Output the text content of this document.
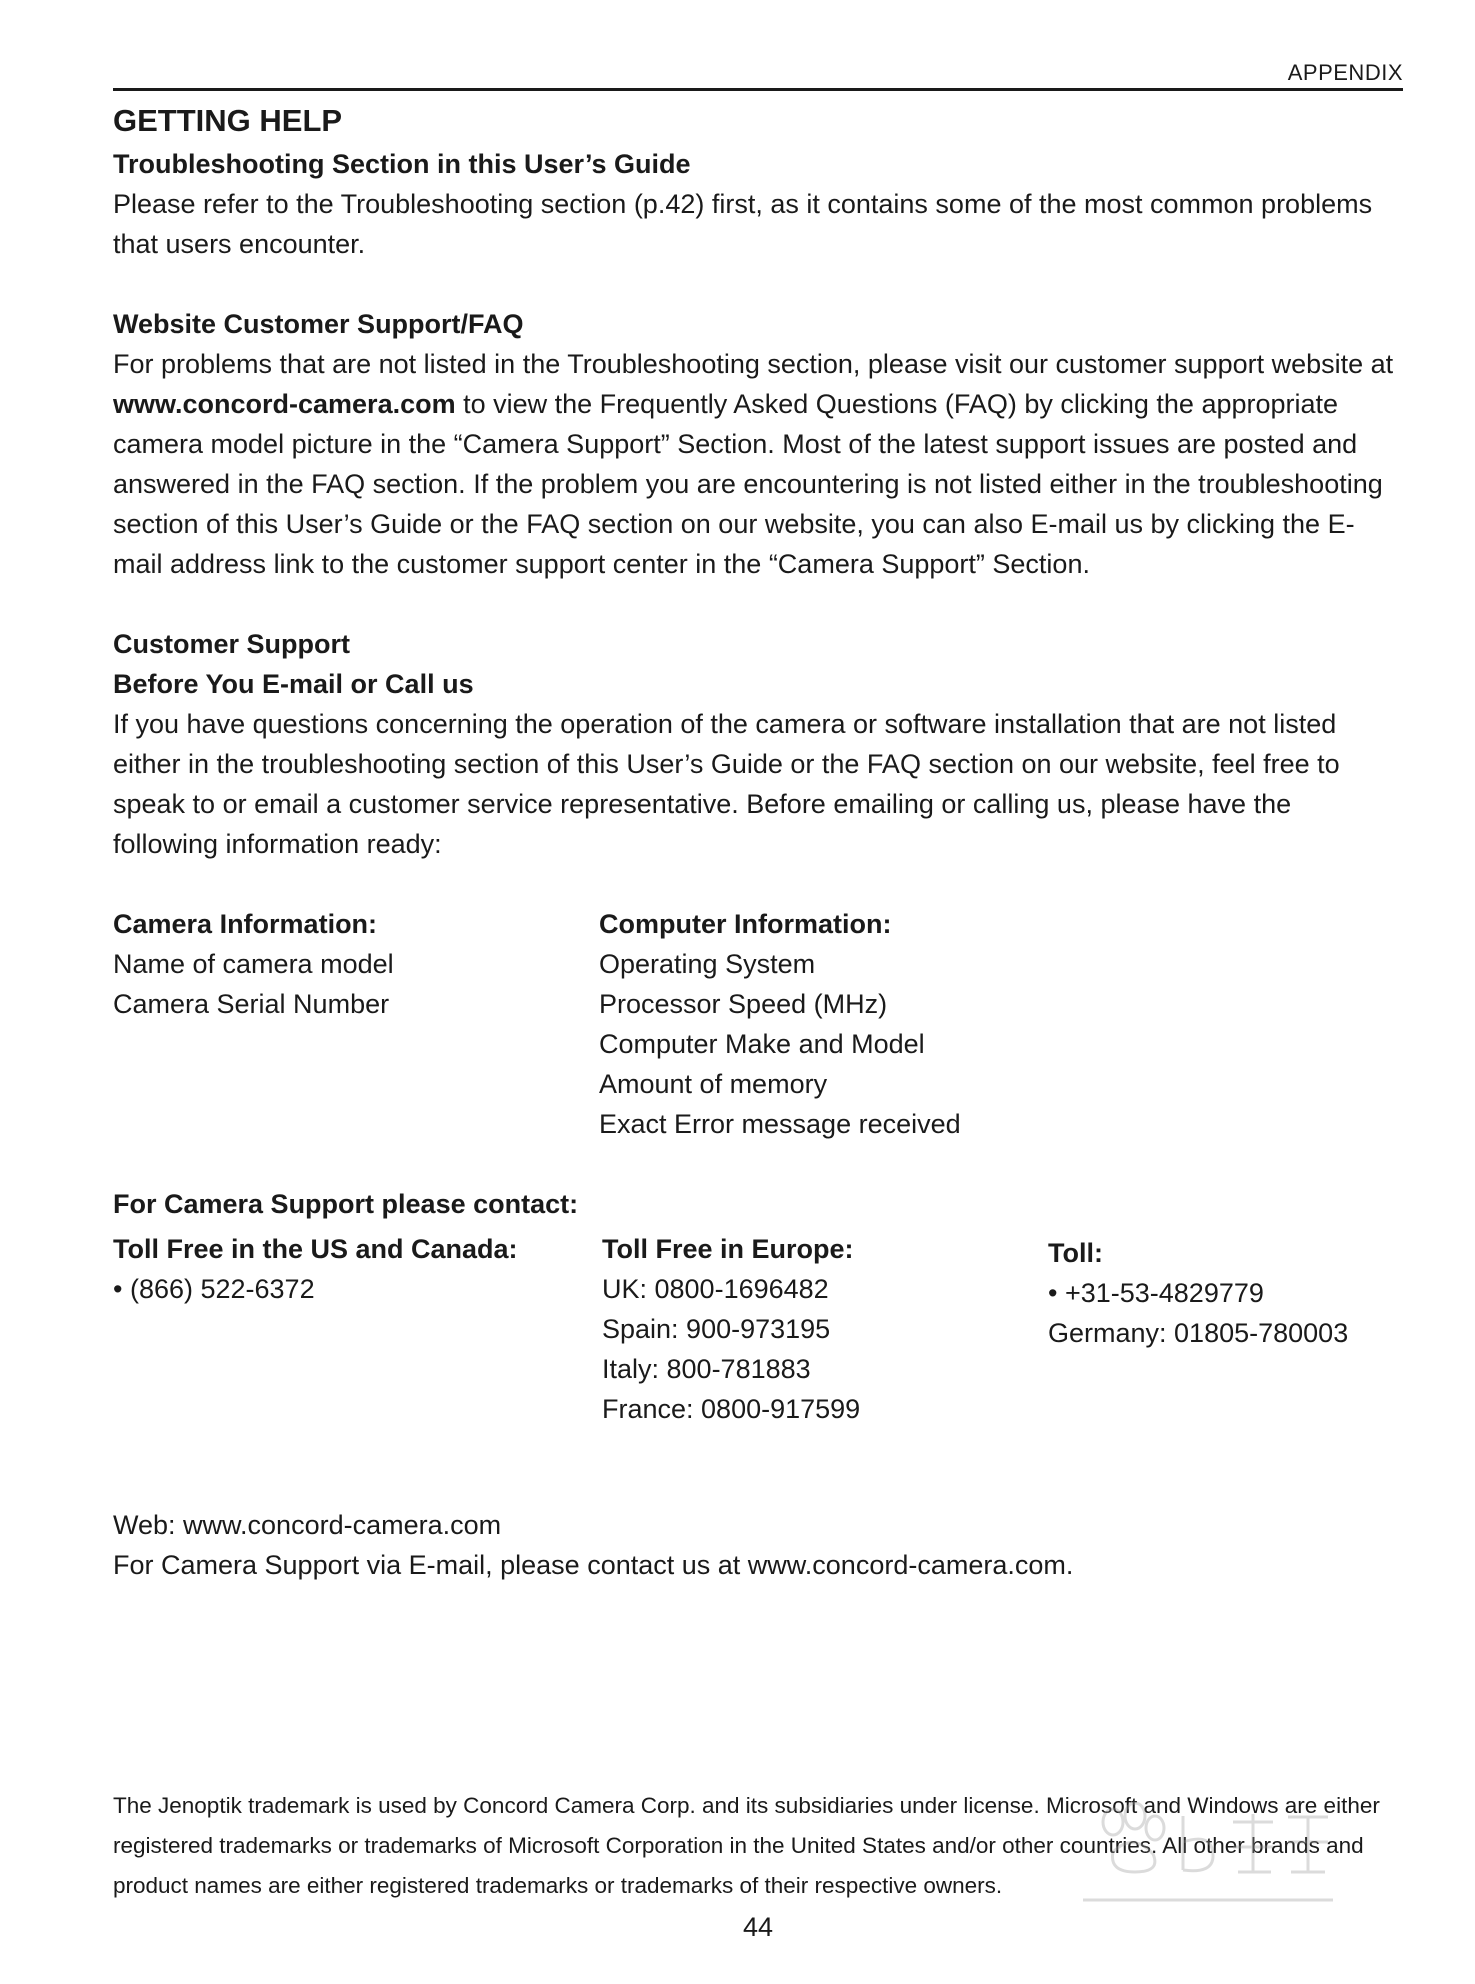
APPENDIX
GETTING HELP
Troubleshooting Section in this User’s Guide

Please refer to the Troubleshooting section (p.42) first, as it contains some of the most common problems that users encounter.

Website Customer Support/FAQ

For problems that are not listed in the Troubleshooting section, please visit our customer support website at www.concord-camera.com to view the Frequently Asked Questions (FAQ) by clicking the appropriate camera model picture in the “Camera Support” Section. Most of the latest support issues are posted and answered in the FAQ section. If the problem you are encountering is not listed either in the troubleshooting section of this User’s Guide or the FAQ section on our website, you can also E-mail us by clicking the E-mail address link to the customer support center in the “Camera Support” Section.

Customer Support
Before You E-mail or Call us

If you have questions concerning the operation of the camera or software installation that are not listed either in the troubleshooting section of this User’s Guide or the FAQ section on our website, feel free to speak to or email a customer service representative. Before emailing or calling us, please have the following information ready:

Camera Information:
Name of camera model
Camera Serial Number
Computer Information:
Operating System
Processor Speed (MHz)
Computer Make and Model
Amount of memory
Exact Error message received
For Camera Support please contact:
Toll Free in the US and Canada:
• (866) 522-6372
Toll Free in Europe:
UK: 0800-1696482
Spain: 900-973195
Italy: 800-781883
France: 0800-917599
Toll:
• +31-53-4829779
Germany: 01805-780003

Web: www.concord-camera.com

For Camera Support via E-mail, please contact us at www.concord-camera.com.

The Jenoptik trademark is used by Concord Camera Corp. and its subsidiaries under license. Microsoft and Windows are either registered trademarks or trademarks of Microsoft Corporation in the United States and/or other countries. All other brands and product names are either registered trademarks or trademarks of their respective owners.
44
